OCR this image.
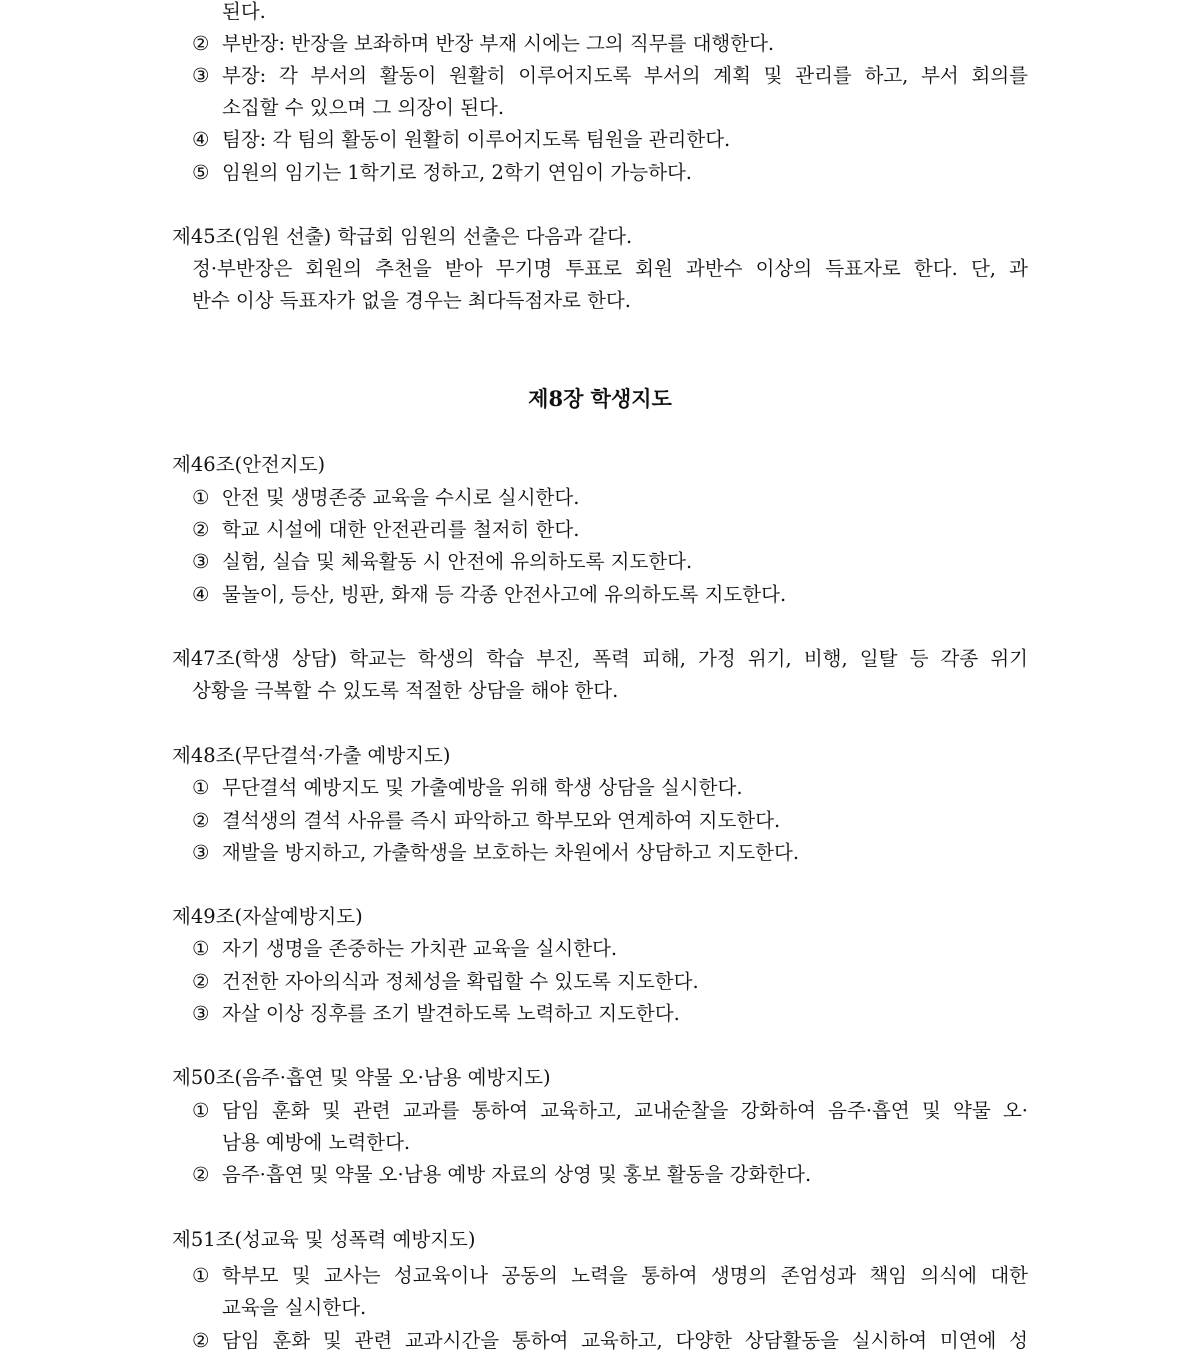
된다.
② 부반장: 반장을 보좌하며 반장 부재 시에는 그의 직무를 대행한다.
③ 부장: 각 부서의 활동이 원활히 이루어지도록 부서의 계획 및 관리를 하고, 부서 회의를
소집할 수 있으며 그 의장이 된다.
④ 팀장: 각 팀의 활동이 원활히 이루어지도록 팀원을 관리한다.
⑤ 임원의 임기는 1학기로 정하고, 2학기 연임이 가능하다.
제45조(임원 선출) 학급회 임원의 선출은 다음과 같다.
정·부반장은 회원의 추천을 받아 무기명 투표로 회원 과반수 이상의 득표자로 한다. 단, 과
반수 이상 득표자가 없을 경우는 최다득점자로 한다.
제8장 학생지도
제46조(안전지도)
① 안전 및 생명존중 교육을 수시로 실시한다.
② 학교 시설에 대한 안전관리를 철저히 한다.
③ 실험, 실습 및 체육활동 시 안전에 유의하도록 지도한다.
④ 물놀이, 등산, 빙판, 화재 등 각종 안전사고에 유의하도록 지도한다.
제47조(학생 상담) 학교는 학생의 학습 부진, 폭력 피해, 가정 위기, 비행, 일탈 등 각종 위기
상황을 극복할 수 있도록 적절한 상담을 해야 한다.
제48조(무단결석·가출 예방지도)
① 무단결석 예방지도 및 가출예방을 위해 학생 상담을 실시한다.
② 결석생의 결석 사유를 즉시 파악하고 학부모와 연계하여 지도한다.
③ 재발을 방지하고, 가출학생을 보호하는 차원에서 상담하고 지도한다.
제49조(자살예방지도)
① 자기 생명을 존중하는 가치관 교육을 실시한다.
② 건전한 자아의식과 정체성을 확립할 수 있도록 지도한다.
③ 자살 이상 징후를 조기 발견하도록 노력하고 지도한다.
제50조(음주·흡연 및 약물 오·남용 예방지도)
① 담임 훈화 및 관련 교과를 통하여 교육하고, 교내순찰을 강화하여 음주·흡연 및 약물 오·
남용 예방에 노력한다.
② 음주·흡연 및 약물 오·남용 예방 자료의 상영 및 홍보 활동을 강화한다.
제51조(성교육 및 성폭력 예방지도)
① 학부모 및 교사는 성교육이나 공동의 노력을 통하여 생명의 존엄성과 책임 의식에 대한
교육을 실시한다.
② 담임 훈화 및 관련 교과시간을 통하여 교육하고, 다양한 상담활동을 실시하여 미연에 성
